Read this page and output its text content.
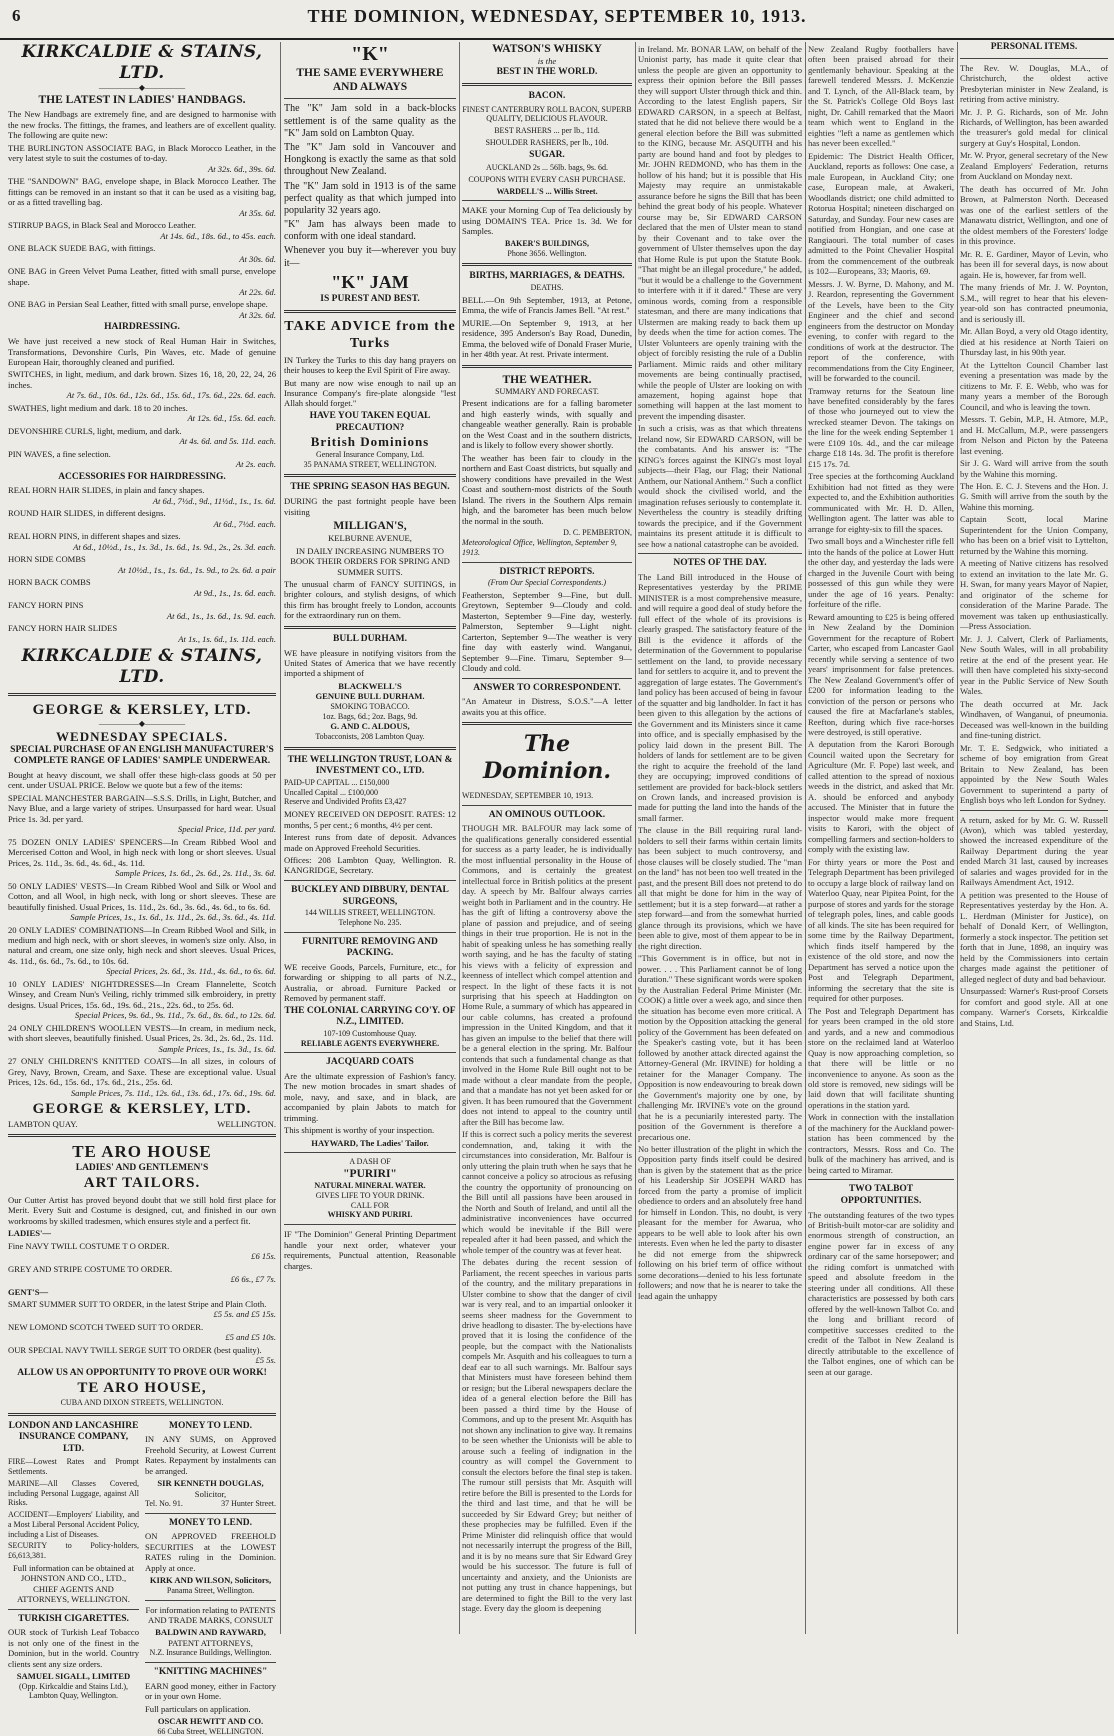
6	THE DOMINION, WEDNESDAY, SEPTEMBER 10, 1913.
KIRKCALDIE & STAINS, LTD.
—————◆—————
THE LATEST IN LADIES' HANDBAGS.
The New Handbags are extremely fine, and are designed to harmonise with the new frocks. The fittings, the frames, and leathers are of excellent quality. The following are quite new:
THE BURLINGTON ASSOCIATE BAG, in Black Morocco Leather, in the very latest style to suit the costumes of to-day.
At 32s. 6d., 39s. 6d.
THE "SANDOWN" BAG, envelope shape, in Black Morocco Leather. The fittings can be removed in an instant so that it can be used as a visiting bag, or as a fitted travelling bag.
At 35s. 6d.
STIRRUP BAGS, in Black Seal and Morocco Leather.
At 14s. 6d., 18s. 6d., to 45s. each.
ONE BLACK SUEDE BAG, with fittings.
At 30s. 6d.
ONE BAG in Green Velvet Puma Leather, fitted with small purse, envelope shape.
At 22s. 6d.
ONE BAG in Persian Seal Leather, fitted with small purse, envelope shape.
At 32s. 6d.
HAIRDRESSING.
We have just received a new stock of Real Human Hair in Switches, Transformations, Devonshire Curls, Pin Waves, etc. Made of genuine European Hair, thoroughly cleaned and purified.
SWITCHES, in light, medium, and dark brown. Sizes 16, 18, 20, 22, 24, 26 inches.
At 7s. 6d., 10s. 6d., 12s. 6d., 15s. 6d., 17s. 6d., 22s. 6d. each.
SWATHES, light medium and dark. 18 to 20 inches.
At 12s. 6d., 15s. 6d. each.
DEVONSHIRE CURLS, light, medium, and dark.
At 4s. 6d. and 5s. 11d. each.
PIN WAVES, a fine selection.
At 2s. each.
ACCESSORIES FOR HAIRDRESSING.
REAL HORN HAIR SLIDES, in plain and fancy shapes.
At 6d., 7½d., 9d., 11½d., 1s., 1s. 6d.
ROUND HAIR SLIDES, in different designs.
At 6d., 7½d. each.
REAL HORN PINS, in different shapes and sizes.
At 6d., 10½d., 1s., 1s. 3d., 1s. 6d., 1s. 9d., 2s., 2s. 3d. each.
HORN SIDE COMBS
At 10½d., 1s., 1s. 6d., 1s. 9d., to 2s. 6d. a pair
HORN BACK COMBS
At 9d., 1s., 1s. 6d. each.
FANCY HORN PINS
At 6d., 1s., 1s. 6d., 1s. 9d. each.
FANCY HORN HAIR SLIDES
At 1s., 1s. 6d., 1s. 11d. each.
KIRKCALDIE & STAINS, LTD.
GEORGE & KERSLEY, LTD.
—————◆—————
WEDNESDAY SPECIALS.
SPECIAL PURCHASE OF AN ENGLISH MANUFACTURER'S COMPLETE RANGE OF LADIES' SAMPLE UNDERWEAR.
Bought at heavy discount, we shall offer these high-class goods at 50 per cent. under USUAL PRICE. Below we quote but a few of the items:
SPECIAL MANCHESTER BARGAIN—S.S.S. Drills, in Light, Butcher, and Navy Blue, and a large variety of stripes. Unsurpassed for hard wear. Usual Price 1s. 3d. per yard.
Special Price, 11d. per yard.
75 DOZEN ONLY LADIES' SPENCERS—In Cream Ribbed Wool and Mercerised Cotton and Wool, in high neck with long or short sleeves. Usual Prices, 2s. 11d., 3s. 6d., 4s. 6d., 4s. 11d.
Sample Prices, 1s. 6d., 2s. 6d., 2s. 11d., 3s. 6d.
50 ONLY LADIES' VESTS—In Cream Ribbed Wool and Silk or Wool and Cotton, and all Wool, in high neck, with long or short sleeves. These are beautifully finished. Usual Prices, 1s. 11d., 2s. 6d., 3s. 6d., 4s. 6d., to 6s. 6d.
Sample Prices, 1s., 1s. 6d., 1s. 11d., 2s. 6d., 3s. 6d., 4s. 11d.
20 ONLY LADIES' COMBINATIONS—In Cream Ribbed Wool and Silk, in medium and high neck, with or short sleeves, in women's size only. Also, in natural and cream, one size only, high neck and short sleeves. Usual Prices, 4s. 11d., 6s. 6d., 7s. 6d., to 10s. 6d.
Special Prices, 2s. 6d., 3s. 11d., 4s. 6d., to 6s. 6d.
10 ONLY LADIES' NIGHTDRESSES—In Cream Flannelette, Scotch Winsey, and Cream Nun's Veiling, richly trimmed silk embroidery, in pretty designs. Usual Prices, 15s. 6d., 19s. 6d., 21s., 22s. 6d., to 25s. 6d.
Special Prices, 9s. 6d., 9s. 11d., 7s. 6d., 8s. 6d., to 12s. 6d.
24 ONLY CHILDREN'S WOOLLEN VESTS—In cream, in medium neck, with short sleeves, beautifully finished. Usual Prices, 2s. 3d., 2s. 6d., 2s. 11d.
Sample Prices, 1s., 1s. 3d., 1s. 6d.
27 ONLY CHILDREN'S KNITTED COATS—In all sizes, in colours of Grey, Navy, Brown, Cream, and Saxe. These are exceptional value. Usual Prices, 12s. 6d., 15s. 6d., 17s. 6d., 21s., 25s. 6d.
Sample Prices, 7s. 11d., 12s. 6d., 13s. 6d., 17s. 6d., 19s. 6d.
GEORGE & KERSLEY, LTD.
LAMBTON QUAY.	WELLINGTON.
TE ARO HOUSE
LADIES' AND GENTLEMEN'S
ART TAILORS.
Our Cutter Artist has proved beyond doubt that we still hold first place for Merit. Every Suit and Costume is designed, cut, and finished in our own workrooms by skilled tradesmen, which ensures style and a perfect fit.
LADIES'—
Fine NAVY TWILL COSTUME T O ORDER.
£6 15s.
GREY AND STRIPE COSTUME TO ORDER.
£6 6s., £7 7s.
GENT'S—
SMART SUMMER SUIT TO ORDER, in the latest Stripe and Plain Cloth.
£5 5s. and £5 15s.
NEW LOMOND SCOTCH TWEED SUIT TO ORDER.
£5 and £5 10s.
OUR SPECIAL NAVY TWILL SERGE SUIT TO ORDER (best quality).
£5 5s.
ALLOW US AN OPPORTUNITY TO PROVE OUR WORK!
TE ARO HOUSE,
CUBA AND DIXON STREETS, WELLINGTON.
LONDON AND LANCASHIRE INSURANCE COMPANY, LTD.
FIRE—Lowest Rates and Prompt Settlements.
MARINE—All Classes Covered, including Personal Luggage, against All Risks.
ACCIDENT—Employers' Liability, and a Most Liberal Personal Accident Policy, including a List of Diseases.
SECURITY to Policy-holders, £6,613,381.
Full information can be obtained at JOHNSTON AND CO., LTD., CHIEF AGENTS AND ATTORNEYS, WELLINGTON.
TURKISH CIGARETTES.
OUR stock of Turkish Leaf Tobacco is not only one of the finest in the Dominion, but in the world. Country clients sent any size orders.
SAMUEL SIGALL, LIMITED
(Opp. Kirkcaldie and Stains Ltd.), Lambton Quay, Wellington.
MONEY TO LEND.
IN ANY SUMS, on Approved Freehold Security, at Lowest Current Rates. Repayment by instalments can be arranged.
SIR KENNETH DOUGLAS,
Solicitor,
Tel. No. 91.	37 Hunter Street.
MONEY TO LEND.
ON APPROVED FREEHOLD SECURITIES at the LOWEST RATES ruling in the Dominion. Apply at once.
KIRK AND WILSON, Solicitors,
Panama Street, Wellington.
For information relating to PATENTS AND TRADE MARKS, CONSULT
BALDWIN AND RAYWARD,
PATENT ATTORNEYS,
N.Z. Insurance Buildings, Wellington.
"KNITTING MACHINES"
EARN good money, either in Factory or in your own Home.
Full particulars on application.
OSCAR HEWITT AND CO.
66 Cuba Street, WELLINGTON.
"K"
THE SAME EVERYWHERE AND ALWAYS
The "K" Jam sold in a back-blocks settlement is of the same quality as the "K" Jam sold on Lambton Quay.
The "K" Jam sold in Vancouver and Hongkong is exactly the same as that sold throughout New Zealand.
The "K" Jam sold in 1913 is of the same perfect quality as that which jumped into popularity 32 years ago.
"K" Jam has always been made to conform with one ideal standard.
Whenever you buy it—wherever you buy it—
"K" JAM
IS PUREST AND BEST.
TAKE ADVICE from the Turks
IN Turkey the Turks to this day hang prayers on their houses to keep the Evil Spirit of Fire away.
But many are now wise enough to nail up an Insurance Company's fire-plate alongside "lest Allah should forget."
HAVE YOU TAKEN EQUAL PRECAUTION?
British Dominions
General Insurance Company, Ltd.
35 PANAMA STREET, WELLINGTON.
THE SPRING SEASON HAS BEGUN.
DURING the past fortnight people have been visiting
MILLIGAN'S,
KELBURNE AVENUE,
IN DAILY INCREASING NUMBERS TO BOOK THEIR ORDERS FOR SPRING AND SUMMER SUITS.
The unusual charm of FANCY SUITINGS, in brighter colours, and stylish designs, of which this firm has brought freely to London, accounts for the extraordinary run on them.
BULL DURHAM.
WE have pleasure in notifying visitors from the United States of America that we have recently imported a shipment of
BLACKWELL'S
GENUINE BULL DURHAM.
SMOKING TOBACCO.
1oz. Bags, 6d.; 2oz. Bags, 9d.
G. AND C. ALDOUS,
Tobacconists, 208 Lambton Quay.
THE WELLINGTON TRUST, LOAN & INVESTMENT CO., LTD.
PAID-UP CAPITAL ... £150,000
Uncalled Capital ... £100,000
Reserve and Undivided Profits £3,427
MONEY RECEIVED ON DEPOSIT. RATES: 12 months, 5 per cent.; 6 months, 4½ per cent.
Interest runs from date of deposit. Advances made on Approved Freehold Securities.
Offices: 208 Lambton Quay, Wellington. R. KANGRIDGE, Secretary.
BUCKLEY AND DIBBURY, DENTAL SURGEONS,
144 WILLIS STREET, WELLINGTON.
Telephone No. 235.
FURNITURE REMOVING AND PACKING.
WE receive Goods, Parcels, Furniture, etc., for forwarding or shipping to all parts of N.Z., Australia, or abroad. Furniture Packed or Removed by permanent staff.
THE COLONIAL CARRYING CO'Y. OF N.Z., LIMITED.
107-109 Customhouse Quay.
RELIABLE AGENTS EVERYWHERE.
JACQUARD COATS
Are the ultimate expression of Fashion's fancy. The new motion brocades in smart shades of mole, navy, and saxe, and in black, are accompanied by plain Jabots to match for trimming.
This shipment is worthy of your inspection.
HAYWARD, The Ladies' Tailor.
A DASH OF
"PURIRI"
NATURAL MINERAL WATER.
GIVES LIFE TO YOUR DRINK.
CALL FOR
WHISKY AND PURIRI.
IF "The Dominion" General Printing Department handle your next order, whatever your requirements, Punctual attention, Reasonable charges.
WATSON'S WHISKY
is the
BEST IN THE WORLD.
BACON.
FINEST CANTERBURY ROLL BACON, SUPERB QUALITY, DELICIOUS FLAVOUR.
BEST RASHERS ... per lb., 11d.
SHOULDER RASHERS, per lb., 10d.
SUGAR.
AUCKLAND 2s ... 56lb. bags, 9s. 6d.
COUPONS WITH EVERY CASH PURCHASE.
WARDELL'S ... Willis Street.
MAKE your Morning Cup of Tea deliciously by using DOMAIN'S TEA. Price 1s. 3d. We for Samples.
BAKER'S BUILDINGS,
Phone 3656. Wellington.
BIRTHS, MARRIAGES, & DEATHS.
DEATHS.
BELL.—On 9th September, 1913, at Petone, Emma, the wife of Francis James Bell. "At rest."
MURIE.—On September 9, 1913, at her residence, 395 Anderson's Bay Road, Dunedin, Emma, the beloved wife of Donald Fraser Murie, in her 48th year. At rest. Private interment.
THE WEATHER.
SUMMARY AND FORECAST.
Present indications are for a falling barometer and high easterly winds, with squally and changeable weather generally. Rain is probable on the West Coast and in the southern districts, and is likely to follow every shower shortly.
The weather has been fair to cloudy in the northern and East Coast districts, but squally and showery conditions have prevailed in the West Coast and southern-most districts of the South Island. The rivers in the Southern Alps remain high, and the barometer has been much below the normal in the south.
D. C. PEMBERTON,
Meteorological Office, Wellington, September 9, 1913.
DISTRICT REPORTS.
(From Our Special Correspondents.)
Featherston, September 9—Fine, but dull. Greytown, September 9—Cloudy and cold. Masterton, September 9—Fine day, westerly. Palmerston, September 9—Light night. Carterton, September 9—The weather is very fine day with easterly wind. Wanganui, September 9—Fine. Timaru, September 9—Cloudy and cold.
ANSWER TO CORRESPONDENT.
"An Amateur in Distress, S.O.S."—A letter awaits you at this office.
The Dominion.
WEDNESDAY, SEPTEMBER 10, 1913.
AN OMINOUS OUTLOOK.
THOUGH MR. BALFOUR may lack some of the qualifications generally considered essential for success as a party leader, he is individually the most influential personality in the House of Commons, and is certainly the greatest intellectual force in British politics at the present day. A speech by Mr. Balfour always carries weight both in Parliament and in the country. He has the gift of lifting a controversy above the plane of passion and prejudice, and of seeing things in their true proportion. He is not in the habit of speaking unless he has something really worth saying, and he has the faculty of stating his views with a felicity of expression and keenness of intellect which compel attention and respect. In the light of these facts it is not surprising that his speech at Haddington on Home Rule, a summary of which has appeared in our cable columns, has created a profound impression in the United Kingdom, and that it has given an impulse to the belief that there will be a general election in the spring. Mr. Balfour contends that such a fundamental change as that involved in the Home Rule Bill ought not to be made without a clear mandate from the people, and that a mandate has not yet been asked for or given. It has been rumoured that the Government does not intend to appeal to the country until after the Bill has become law.
If this is correct such a policy merits the severest condemnation, and, taking it with the circumstances into consideration, Mr. Balfour is only uttering the plain truth when he says that he cannot conceive a policy so atrocious as refusing the country the opportunity of pronouncing on the Bill until all passions have been aroused in the North and South of Ireland, and until all the administrative inconveniences have occurred which would be inevitable if the Bill were repealed after it had been passed, and which the whole temper of the country was at fever heat.
The debates during the recent session of Parliament, the recent speeches in various parts of the country, and the military preparations in Ulster combine to show that the danger of civil war is very real, and to an impartial onlooker it seems sheer madness for the Government to drive headlong to disaster. The by-elections have proved that it is losing the confidence of the people, but the compact with the Nationalists compels Mr. Asquith and his colleagues to turn a deaf ear to all such warnings. Mr. Balfour says that Ministers must have foreseen behind them or resign; but the Liberal newspapers declare the idea of a general election before the Bill has been passed a third time by the House of Commons, and up to the present Mr. Asquith has not shown any inclination to give way. It remains to be seen whether the Unionists will be able to arouse such a feeling of indignation in the country as will compel the Government to consult the electors before the final step is taken. The rumour still persists that Mr. Asquith will retire before the Bill is presented to the Lords for the third and last time, and that he will be succeeded by Sir Edward Grey; but neither of these prophecies may be fulfilled. Even if the Prime Minister did relinquish office that would not necessarily interrupt the progress of the Bill, and it is by no means sure that Sir Edward Grey would be his successor. The future is full of uncertainty and anxiety, and the Unionists are not putting any trust in chance happenings, but are determined to fight the Bill to the very last stage. Every day the gloom is deepening
in Ireland. Mr. BONAR LAW, on behalf of the Unionist party, has made it quite clear that unless the people are given an opportunity to express their opinion before the Bill passes they will support Ulster through thick and thin. According to the latest English papers, Sir EDWARD CARSON, in a speech at Belfast, stated that he did not believe there would be a general election before the Bill was submitted to the KING, because Mr. ASQUITH and his party are bound hand and foot by pledges to Mr. JOHN REDMOND, who has them in the hollow of his hand; but it is possible that His Majesty may require an unmistakable assurance before he signs the Bill that has been behind the great body of his people. Whatever course may be, Sir EDWARD CARSON declared that the men of Ulster mean to stand by their Covenant and to take over the government of Ulster themselves upon the day that Home Rule is put upon the Statute Book. "That might be an illegal procedure," he added, "but it would be a challenge to the Government to interfere with it if it dared." These are very ominous words, coming from a responsible statesman, and there are many indications that Ulstermen are making ready to back them up by deeds when the time for action comes. The Ulster Volunteers are openly training with the object of forcibly resisting the rule of a Dublin Parliament. Mimic raids and other military movements are being continually practised, while the people of Ulster are looking on with amazement, hoping against hope that something will happen at the last moment to prevent the impending disaster.
In such a crisis, was as that which threatens Ireland now, Sir EDWARD CARSON, will be the combatants. And his answer is: "The KING's forces against the KING's most loyal subjects—their Flag, our Flag; their National Anthem, our National Anthem." Such a conflict would shock the civilised world, and the imagination refuses seriously to contemplate it. Nevertheless the country is steadily drifting towards the precipice, and if the Government maintains its present attitude it is difficult to see how a national catastrophe can be avoided.
NOTES OF THE DAY.
The Land Bill introduced in the House of Representatives yesterday by the PRIME MINISTER is a most comprehensive measure, and will require a good deal of study before the full effect of the whole of its provisions is clearly grasped. The satisfactory feature of the Bill is the evidence it affords of the determination of the Government to popularise settlement on the land, to provide necessary land for settlers to acquire it, and to prevent the aggregation of large estates. The Government's land policy has been accused of being in favour of the squatter and big landholder. In fact it has been given to this allegation by the actions of the Government and its Ministers since it came into office, and is specially emphasised by the policy laid down in the present Bill. The holders of lands for settlement are to be given the right to acquire the freehold of the land they are occupying; improved conditions of settlement are provided for back-block settlers on Crown lands, and increased provision is made for putting the land into the hands of the small farmer.
The clause in the Bill requiring rural land-holders to sell their farms within certain limits has been subject to much controversy, and those clauses will be closely studied. The "man on the land" has not been too well treated in the past, and the present Bill does not pretend to do all that might be done for him in the way of settlement; but it is a step forward—at rather a step forward—and from the somewhat hurried glance through its provisions, which we have been able to give, most of them appear to be in the right direction.
"This Government is in office, but not in power. . . . This Parliament cannot be of long duration." These significant words were spoken by the Australian Federal Prime Minister (Mr. COOK) a little over a week ago, and since then the situation has become even more critical. A motion by the Opposition attacking the general policy of the Government has been defeated on the Speaker's casting vote, but it has been followed by another attack directed against the Attorney-General (Mr. IRVINE) for holding a retainer for the Manager Company. The Opposition is now endeavouring to break down the Government's majority one by one, by challenging Mr. IRVINE's vote on the ground that he is a pecuniarily interested party. The position of the Government is therefore a precarious one.
No better illustration of the plight in which the Opposition party finds itself could be desired than is given by the statement that as the price of his Leadership Sir JOSEPH WARD has forced from the party a promise of implicit obedience to orders and an absolutely free hand for himself in London. This, no doubt, is very pleasant for the member for Awarua, who appears to be well able to look after his own interests. Even when he led the party to disaster he did not emerge from the shipwreck following on his brief term of office without some decorations—denied to his less fortunate followers; and now that he is nearer to take the lead again the unhappy
New Zealand Rugby footballers have often been praised abroad for their gentlemanly behaviour. Speaking at the farewell tendered Messrs. J. McKenzie and T. Lynch, of the All-Black team, by the St. Patrick's College Old Boys last night, Dr. Cahill remarked that the Maori team which went to England in the eighties "left a name as gentlemen which has never been excelled."
Epidemic: The District Health Officer, Auckland, reports as follows: One case, a male European, in Auckland City; one case, European male, at Awakeri, Woodlands district; one child admitted to Rotorua Hospital; nineteen discharged on Saturday, and Sunday. Four new cases are notified from Hongian, and one case at Rangiaouri. The total number of cases admitted to the Point Chevalier Hospital from the commencement of the outbreak is 102—Europeans, 33; Maoris, 69.
Messrs. J. W. Byrne, D. Mahony, and M. J. Reardon, representing the Government of the Levels, have been to the City Engineer and the chief and second engineers from the destructor on Monday evening, to confer with regard to the conditions of work at the destructor. The report of the conference, with recommendations from the City Engineer, will be forwarded to the council.
Tramway returns for the Seatoun line have benefited considerably by the fares of those who journeyed out to view the wrecked steamer Devon. The takings on the line for the week ending September 1 were £109 10s. 4d., and the car mileage charge £18 14s. 3d. The profit is therefore £15 17s. 7d.
Tree species at the forthcoming Auckland Exhibition had not fitted as they were expected to, and the Exhibition authorities communicated with Mr. H. D. Allen, Wellington agent. The latter was able to arrange for eighty-six to fill the spaces.
Two small boys and a Winchester rifle fell into the hands of the police at Lower Hutt the other day, and yesterday the lads were charged in the Juvenile Court with being possessed of this gun while they were under the age of 16 years. Penalty: forfeiture of the rifle.
Reward amounting to £25 is being offered in New Zealand by the Dominion Government for the recapture of Robert Carter, who escaped from Lancaster Gaol recently while serving a sentence of two years' imprisonment for false pretences. The New Zealand Government's offer of £200 for information leading to the conviction of the person or persons who caused the fire at Macfarlane's stables, Reefton, during which five race-horses were destroyed, is still operative.
A deputation from the Karori Borough Council waited upon the Secretary for Agriculture (Mr. F. Pope) last week, and called attention to the spread of noxious weeds in the district, and asked that Mr. A. should be enforced and anybody accused. The Minister that in future the inspector would make more frequent visits to Karori, with the object of compelling farmers and section-holders to comply with the existing law.
For thirty years or more the Post and Telegraph Department has been privileged to occupy a large block of railway land on Waterloo Quay, near Pipitea Point, for the purpose of stores and yards for the storage of telegraph poles, lines, and cable goods of all kinds. The site has been required for some time by the Railway Department, which finds itself hampered by the existence of the old store, and now the Department has served a notice upon the Post and Telegraph Department, informing the secretary that the site is required for other purposes.
The Post and Telegraph Department has for years been cramped in the old store and yards, and a new and commodious store on the reclaimed land at Waterloo Quay is now approaching completion, so that there will be little or no inconvenience to anyone. As soon as the old store is removed, new sidings will be laid down that will facilitate shunting operations in the station yard.
Work in connection with the installation of the machinery for the Auckland power-station has been commenced by the contractors, Messrs. Ross and Co. The bulk of the machinery has arrived, and is being carted to Miramar.
TWO TALBOT OPPORTUNITIES.
The outstanding features of the two types of British-built motor-car are solidity and enormous strength of construction, an engine power far in excess of any ordinary car of the same horsepower; and the riding comfort is unmatched with speed and absolute freedom in the steering under all conditions. All these characteristics are possessed by both cars offered by the well-known Talbot Co. and the long and brilliant record of competitive successes credited to the credit of the Talbot in New Zealand is directly attributable to the excellence of the Talbot engines, one of which can be seen at our garage.
PERSONAL ITEMS.
The Rev. W. Douglas, M.A., of Christchurch, the oldest active Presbyterian minister in New Zealand, is retiring from active ministry.
Mr. J. P. G. Richards, son of Mr. John Richards, of Wellington, has been awarded the treasurer's gold medal for clinical surgery at Guy's Hospital, London.
Mr. W. Pryor, general secretary of the New Zealand Employers' Federation, returns from Auckland on Monday next.
The death has occurred of Mr. John Brown, at Palmerston North. Deceased was one of the earliest settlers of the Manawatu district, Wellington, and one of the oldest members of the Foresters' lodge in this province.
Mr. R. E. Gardiner, Mayor of Levin, who has been ill for several days, is now about again. He is, however, far from well.
The many friends of Mr. J. W. Poynton, S.M., will regret to hear that his eleven-year-old son has contracted pneumonia, and is seriously ill.
Mr. Allan Boyd, a very old Otago identity, died at his residence at North Taieri on Thursday last, in his 90th year.
At the Lyttelton Council Chamber last evening a presentation was made by the citizens to Mr. F. E. Webb, who was for many years a member of the Borough Council, and who is leaving the town.
Messrs. T. Gebin, M.P., H. Atmore, M.P., and H. McCallum, M.P., were passengers from Nelson and Picton by the Pateena last evening.
Sir J. G. Ward will arrive from the south by the Wahine this morning.
The Hon. E. C. J. Stevens and the Hon. J. G. Smith will arrive from the south by the Wahine this morning.
Captain Scott, local Marine Superintendent for the Union Company, who has been on a brief visit to Lyttelton, returned by the Wahine this morning.
A meeting of Native citizens has resolved to extend an invitation to the late Mr. G. H. Swan, for many years Mayor of Napier, and originator of the scheme for consideration of the Marine Parade. The movement was taken up enthusiastically.—Press Association.
Mr. J. J. Calvert, Clerk of Parliaments, New South Wales, will in all probability retire at the end of the present year. He will then have completed his sixty-second year in the Public Service of New South Wales.
The death occurred at Mr. Jack Windhaven, of Wanganui, of pneumonia. Deceased was well-known in the building and fine-tuning district.
Mr. T. E. Sedgwick, who initiated a scheme of boy emigration from Great Britain to New Zealand, has been appointed by the New South Wales Government to superintend a party of English boys who left London for Sydney.
A return, asked for by Mr. G. W. Russell (Avon), which was tabled yesterday, showed the increased expenditure of the Railway Department during the year ended March 31 last, caused by increases of salaries and wages provided for in the Railways Amendment Act, 1912.
A petition was presented to the House of Representatives yesterday by the Hon. A. L. Herdman (Minister for Justice), on behalf of Donald Kerr, of Wellington, formerly a stock inspector. The petition set forth that in June, 1898, an inquiry was held by the Commissioners into certain charges made against the petitioner of alleged neglect of duty and bad behaviour.
Unsurpassed: Warner's Rust-proof Corsets for comfort and good style. All at one company. Warner's Corsets, Kirkcaldie and Stains, Ltd.
